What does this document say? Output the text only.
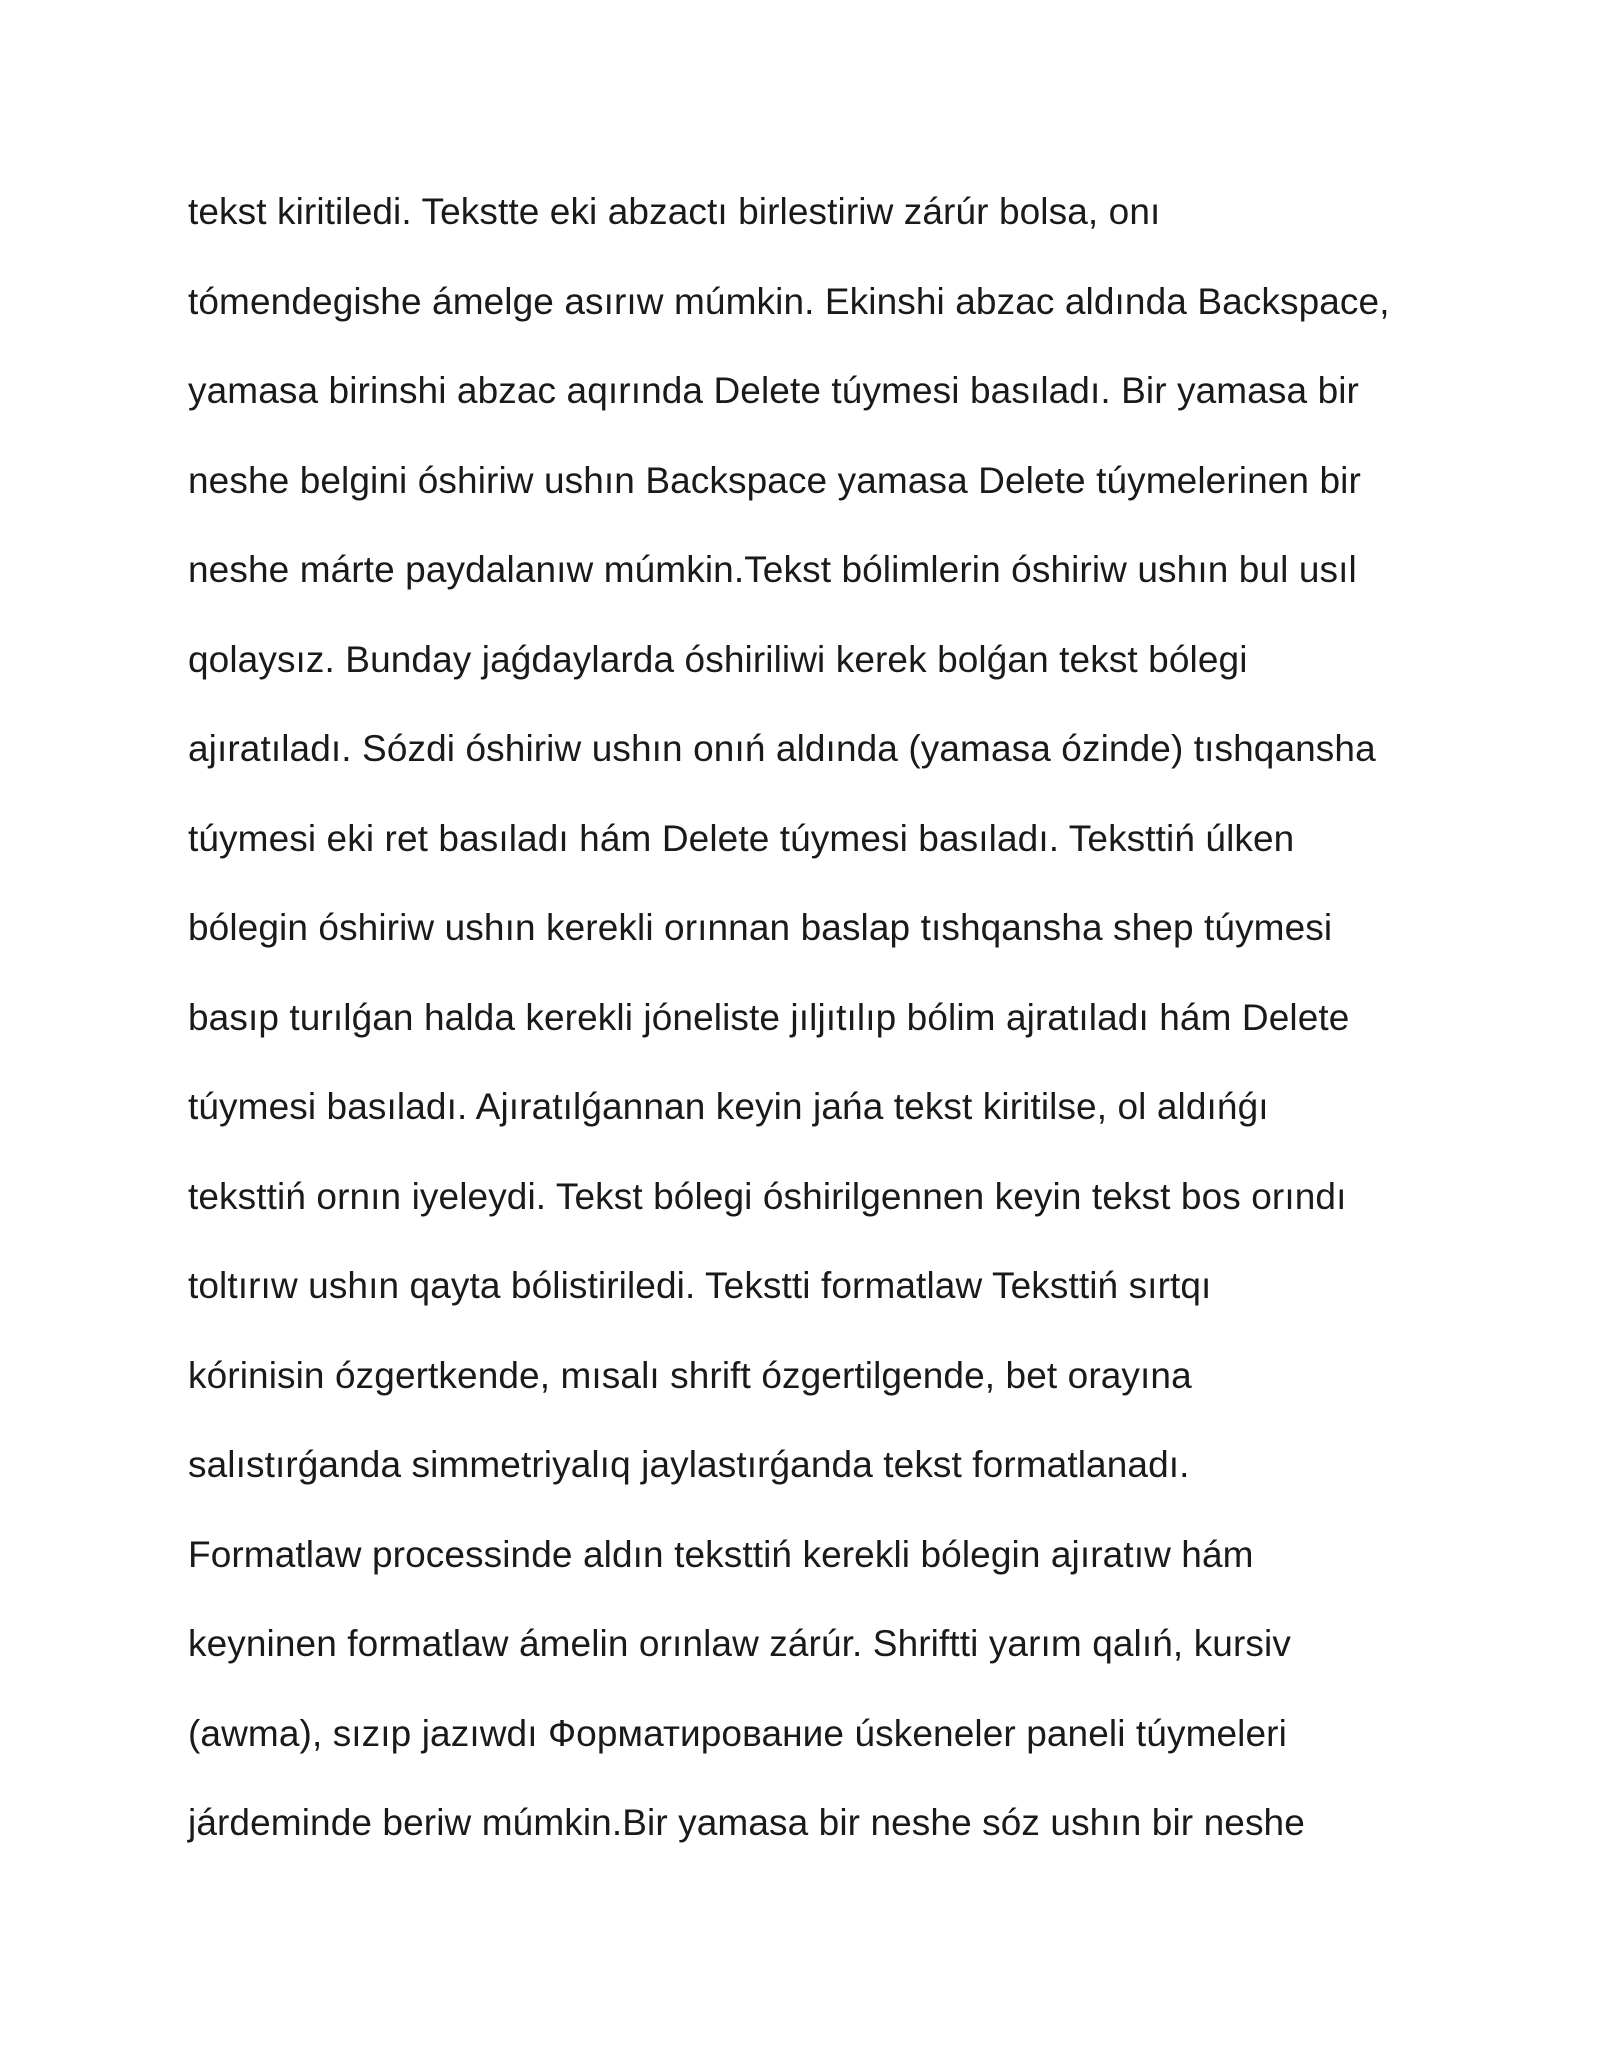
tekst kiritiledi. Tekstte eki abzactı birlestiriw zárúr bolsa, onı
tómendegishe ámelge asırıw múmkin. Ekinshi abzac aldında Backspace,
yamasa birinshi abzac aqırında Delete túymesi basıladı. Bir yamasa bir
neshe belgini óshiriw ushın Backspace yamasa Delete túymelerinen bir
neshe márte paydalanıw múmkin.Tekst bólimlerin óshiriw ushın bul usıl
qolaysız. Bunday jaǵdaylarda óshiriliwi kerek bolǵan tekst bólegi
ajıratıladı. Sózdi óshiriw ushın onıń aldında (yamasa ózinde) tıshqansha
túymesi eki ret basıladı hám Delete túymesi basıladı. Teksttiń úlken
bólegin óshiriw ushın kerekli orınnan baslap tıshqansha shep túymesi
basıp turılǵan halda kerekli jóneliste jıljıtılıp bólim ajratıladı hám Delete
túymesi basıladı. Ajıratılǵannan keyin jańa tekst kiritilse, ol aldıńǵı
teksttiń ornın iyeleydi. Tekst bólegi óshirilgennen keyin tekst bos orındı
toltırıw ushın qayta bólistiriledi. Tekstti formatlaw Teksttiń sırtqı
kórinisin ózgertkende, mısalı shrift ózgertilgende, bet orayına
salıstırǵanda simmetriyalıq jaylastırǵanda tekst formatlanadı.
Formatlaw processinde aldın teksttiń kerekli bólegin ajıratıw hám
keyninen formatlaw ámelin orınlaw zárúr. Shriftti yarım qalıń, kursiv
(awma), sızıp jazıwdı Форматирование úskeneler paneli túymeleri
járdeminde beriw múmkin.Bir yamasa bir neshe sóz ushın bir neshe
